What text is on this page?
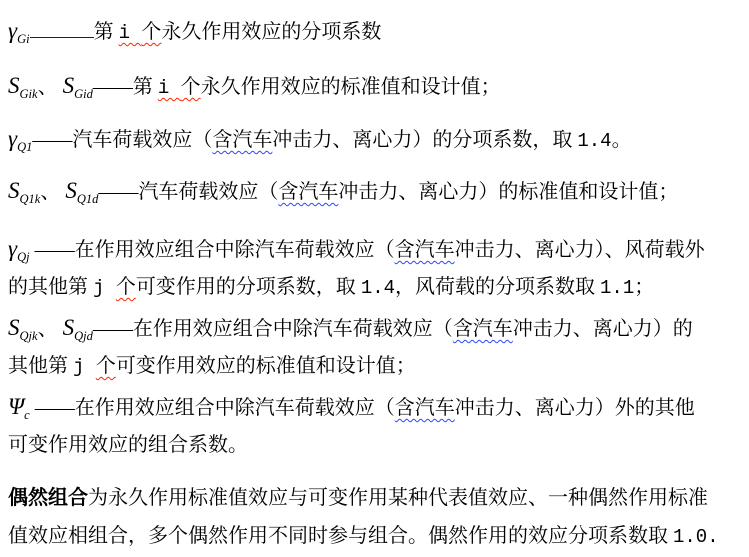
$\gamma_{Gi}$	第 i 个永久作用效应的分项系数
$S_{Gik}$、 $S_{Gid}——$第 i 个永久作用效应的标准值和设计值；
$\gamma_{Q1}——$汽车荷载效应（含汽车冲击力、离心力）的分项系数，取 1.4。
$S_{Q1k}$、 $S_{Q1d}——$汽车荷载效应（含汽车冲击力、离心力）的标准值和设计值；
$\gamma_{Qj}$ ——在作用效应组合中除汽车荷载效应（含汽车冲击力、离心力）、风荷载外
的其他第 j 个可变作用的分项系数，取 1.4，风荷载的分项系数取 1.1；
$S_{Qjk}$、 $S_{Qjd}——$在作用效应组合中除汽车荷载效应（含汽车冲击力、离心力）的
其他第 j 个可变作用效应的标准值和设计值；
$\Psi_c$ ——在作用效应组合中除汽车荷载效应（含汽车冲击力、离心力）外的其他
可变作用效应的组合系数。
偶然组合为永久作用标准值效应与可变作用某种代表值效应、一种偶然作用标准
值效应相组合，多个偶然作用不同时参与组合。偶然作用的效应分项系数取 1.0.
